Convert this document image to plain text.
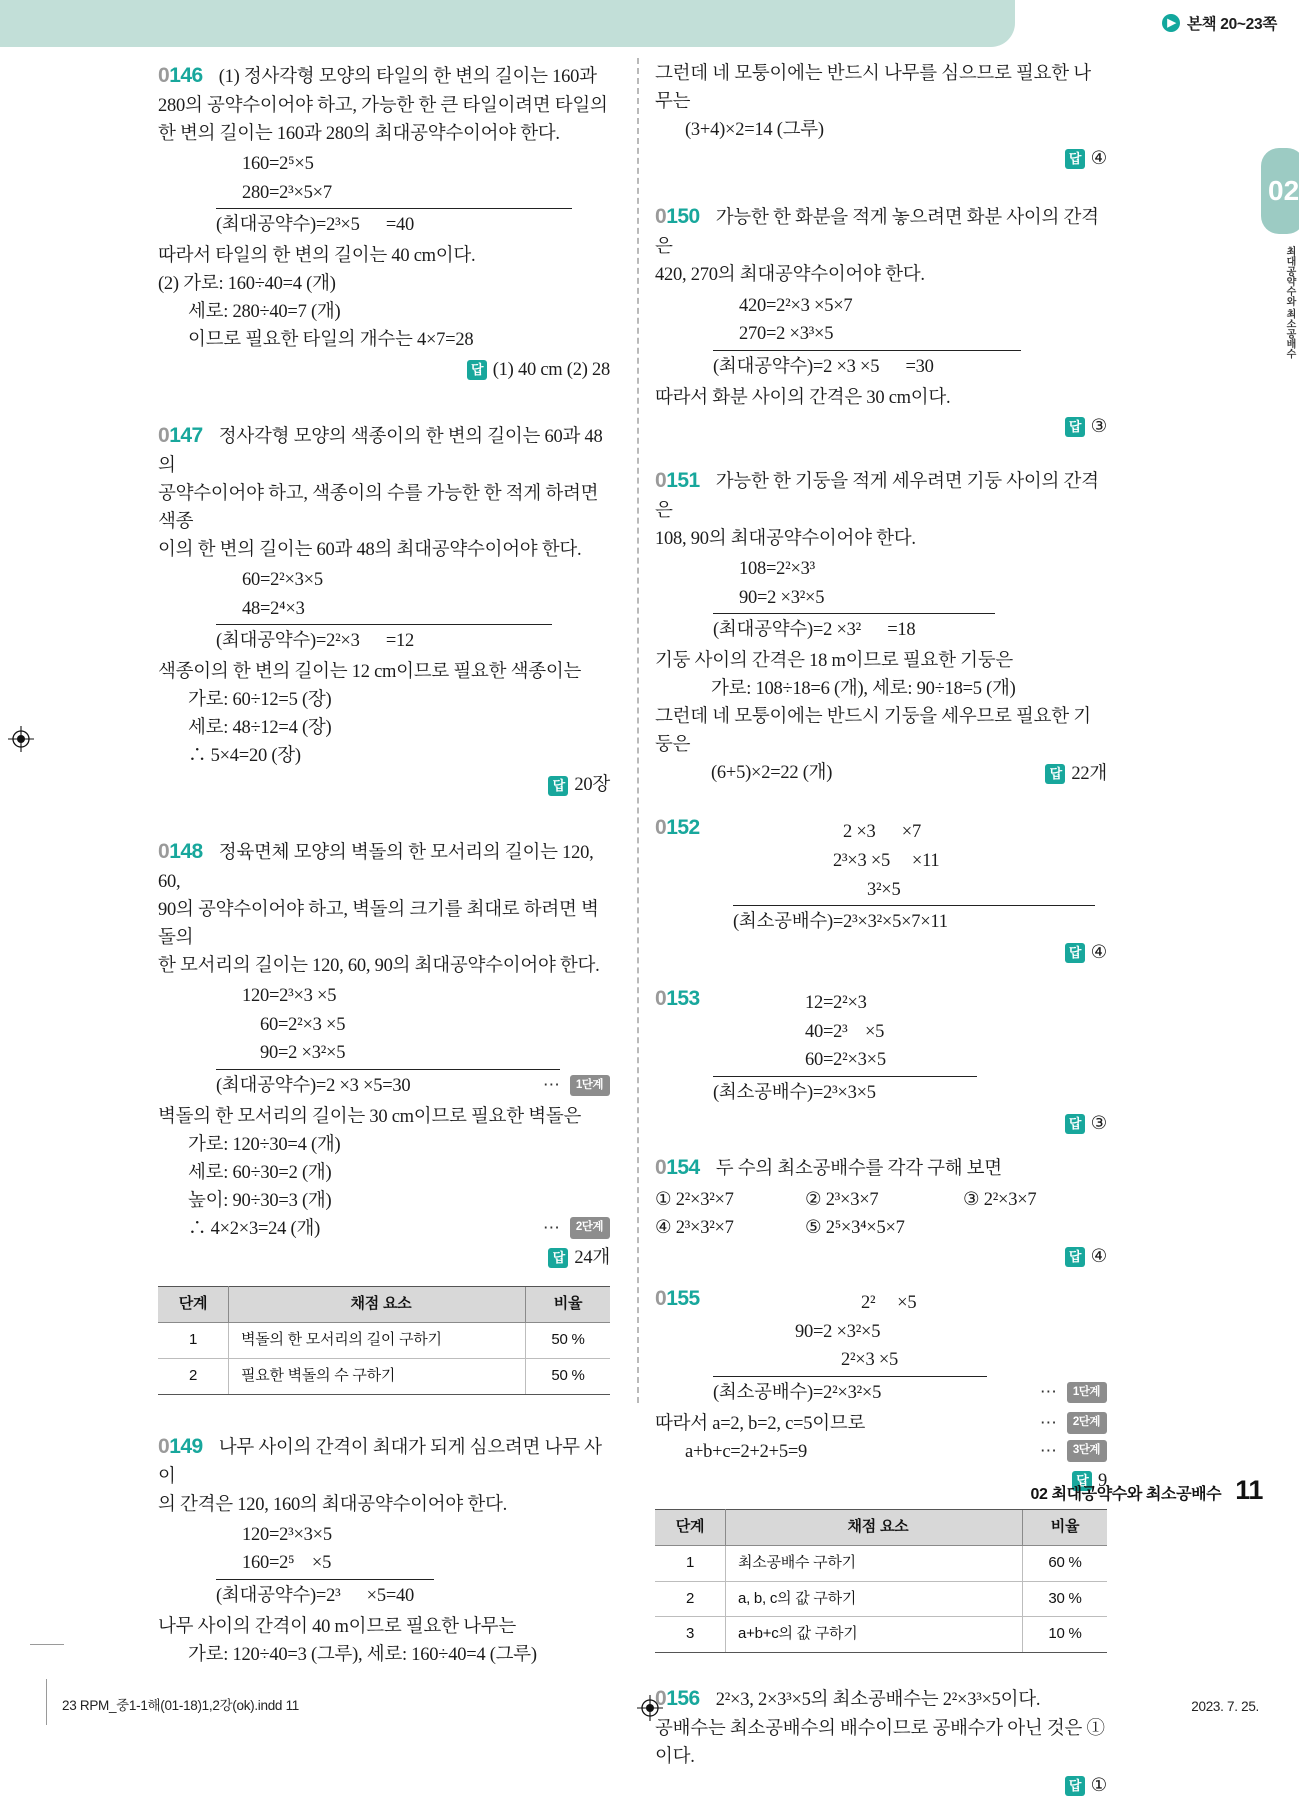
▶ 본책 20~23쪽
02
최대공약수와 최소공배수
0146 (1) 정사각형 모양의 타일의 한 변의 길이는 160과
280의 공약수이어야 하고, 가능한 한 큰 타일이려면 타일의
한 변의 길이는 160과 280의 최대공약수이어야 한다.
160=2⁵×5
280=2³×5×7
(최대공약수)=2³×5      =40
따라서 타일의 한 변의 길이는 40 cm이다.
(2) 가로: 160÷40=4 (개)
세로: 280÷40=7 (개)
이므로 필요한 타일의 개수는 4×7=28
답 (1) 40 cm (2) 28
0147 정사각형 모양의 색종이의 한 변의 길이는 60과 48의
공약수이어야 하고, 색종이의 수를 가능한 한 적게 하려면 색종
이의 한 변의 길이는 60과 48의 최대공약수이어야 한다.
60=2²×3×5
48=2⁴×3
(최대공약수)=2²×3      =12
색종이의 한 변의 길이는 12 cm이므로 필요한 색종이는
가로: 60÷12=5 (장)
세로: 48÷12=4 (장)
∴ 5×4=20 (장)
답 20장
0148 정육면체 모양의 벽돌의 한 모서리의 길이는 120, 60,
90의 공약수이어야 하고, 벽돌의 크기를 최대로 하려면 벽돌의
한 모서리의 길이는 120, 60, 90의 최대공약수이어야 한다.
120=2³×3 ×5
60=2²×3 ×5
90=2 ×3²×5
(최대공약수)=2 ×3 ×5=30	⋯	1단계
벽돌의 한 모서리의 길이는 30 cm이므로 필요한 벽돌은
가로: 120÷30=4 (개)
세로: 60÷30=2 (개)
높이: 90÷30=3 (개)
∴ 4×2×3=24 (개)	⋯	2단계
답 24개
단계	채점 요소	비율
1	벽돌의 한 모서리의 길이 구하기	50 %
2	필요한 벽돌의 수 구하기	50 %
0149 나무 사이의 간격이 최대가 되게 심으려면 나무 사이
의 간격은 120, 160의 최대공약수이어야 한다.
120=2³×3×5
160=2⁵    ×5
(최대공약수)=2³      ×5=40
나무 사이의 간격이 40 m이므로 필요한 나무는
가로: 120÷40=3 (그루), 세로: 160÷40=4 (그루)
그런데 네 모퉁이에는 반드시 나무를 심으므로 필요한 나무는
(3+4)×2=14 (그루)
답 ④
0150 가능한 한 화분을 적게 놓으려면 화분 사이의 간격은
420, 270의 최대공약수이어야 한다.
420=2²×3 ×5×7
270=2 ×3³×5
(최대공약수)=2 ×3 ×5      =30
따라서 화분 사이의 간격은 30 cm이다.
답 ③
0151 가능한 한 기둥을 적게 세우려면 기둥 사이의 간격은
108, 90의 최대공약수이어야 한다.
108=2²×3³
90=2 ×3²×5
(최대공약수)=2 ×3²      =18
기둥 사이의 간격은 18 m이므로 필요한 기둥은
가로: 108÷18=6 (개), 세로: 90÷18=5 (개)
그런데 네 모퉁이에는 반드시 기둥을 세우므로 필요한 기둥은
(6+5)×2=22 (개)	답 22개
0152	2 ×3      ×7
2³×3 ×5     ×11
3²×5
(최소공배수)=2³×3²×5×7×11
답 ④
0153	12=2²×3
40=2³    ×5
60=2²×3×5
(최소공배수)=2³×3×5
답 ③
0154 두 수의 최소공배수를 각각 구해 보면
① 2²×3²×7	② 2³×3×7	③ 2²×3×7
④ 2³×3²×7	⑤ 2⁵×3⁴×5×7
답 ④
0155	2²     ×5
90=2 ×3²×5
2²×3 ×5
(최소공배수)=2²×3²×5	⋯	1단계
따라서 a=2, b=2, c=5이므로	⋯	2단계
a+b+c=2+2+5=9	⋯	3단계
답 9
단계	채점 요소	비율
1	최소공배수 구하기	60 %
2	a, b, c의 값 구하기	30 %
3	a+b+c의 값 구하기	10 %
0156 2²×3, 2×3³×5의 최소공배수는 2²×3³×5이다.
공배수는 최소공배수의 배수이므로 공배수가 아닌 것은 ①이다.
답 ①
02 최대공약수와 최소공배수 11
23 RPM_중1-1해(01-18)1,2강(ok).indd 11	2023. 7. 25.
